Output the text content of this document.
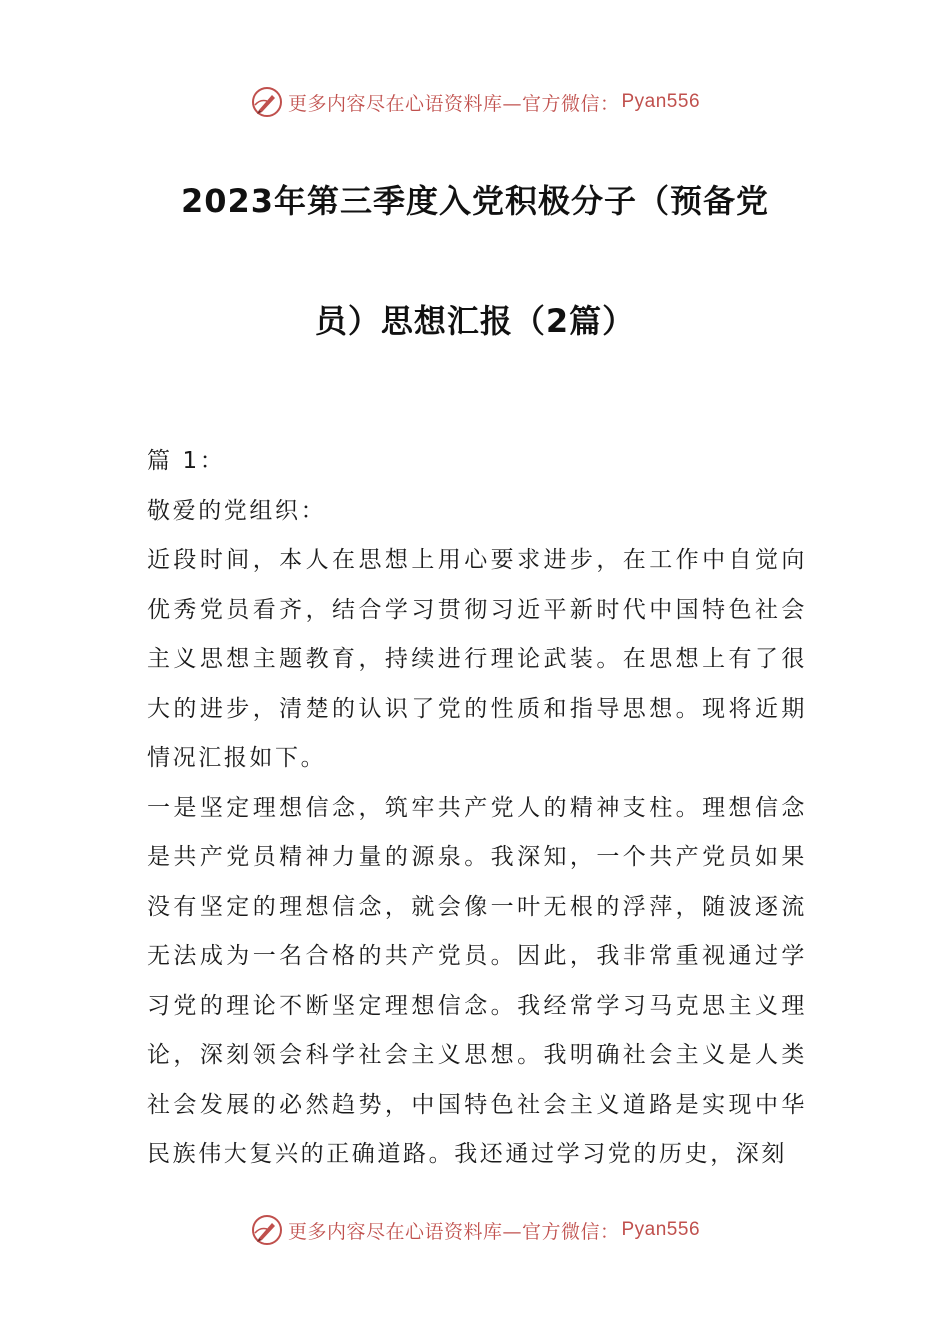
更多内容尽在心语资料库—官方微信： Pyan556
2023年第三季度入党积极分子（预备党
员）思想汇报（2篇）

篇 1：

敬爱的党组织：

近段时间，本人在思想上用心要求进步，在工作中自觉向优秀党员看齐，结合学习贯彻习近平新时代中国特色社会主义思想主题教育，持续进行理论武装。在思想上有了很大的进步，清楚的认识了党的性质和指导思想。现将近期情况汇报如下。

一是坚定理想信念，筑牢共产党人的精神支柱。理想信念是共产党员精神力量的源泉。我深知，一个共产党员如果没有坚定的理想信念，就会像一叶无根的浮萍，随波逐流无法成为一名合格的共产党员。因此，我非常重视通过学习党的理论不断坚定理想信念。我经常学习马克思主义理论，深刻领会科学社会主义思想。我明确社会主义是人类社会发展的必然趋势，中国特色社会主义道路是实现中华民族伟大复兴的正确道路。我还通过学习党的历史，深刻

更多内容尽在心语资料库—官方微信： Pyan556
